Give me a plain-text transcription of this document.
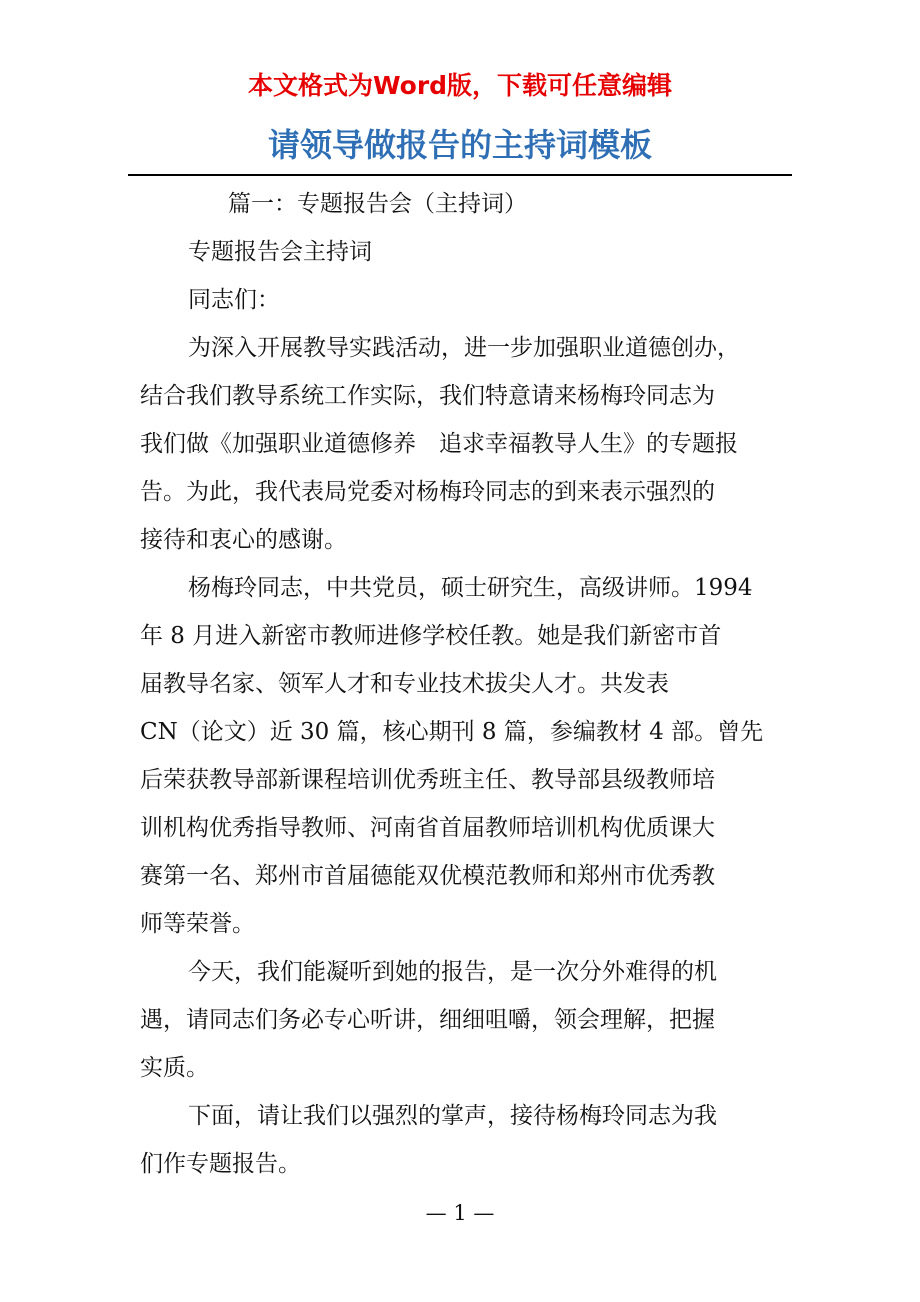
本文格式为Word版，下载可任意编辑
请领导做报告的主持词模板
篇一：专题报告会（主持词）
专题报告会主持词
同志们：
为深入开展教导实践活动，进一步加强职业道德创办，
结合我们教导系统工作实际，我们特意请来杨梅玲同志为
我们做《加强职业道德修养　追求幸福教导人生》的专题报
告。为此，我代表局党委对杨梅玲同志的到来表示强烈的
接待和衷心的感谢。
杨梅玲同志，中共党员，硕士研究生，高级讲师。1994
年 8 月进入新密市教师进修学校任教。她是我们新密市首
届教导名家、领军人才和专业技术拔尖人才。共发表
CN（论文）近 30 篇，核心期刊 8 篇，参编教材 4 部。曾先
后荣获教导部新课程培训优秀班主任、教导部县级教师培
训机构优秀指导教师、河南省首届教师培训机构优质课大
赛第一名、郑州市首届德能双优模范教师和郑州市优秀教
师等荣誉。
今天，我们能凝听到她的报告，是一次分外难得的机
遇，请同志们务必专心听讲，细细咀嚼，领会理解，把握
实质。
下面，请让我们以强烈的掌声，接待杨梅玲同志为我
们作专题报告。
— 1 —
